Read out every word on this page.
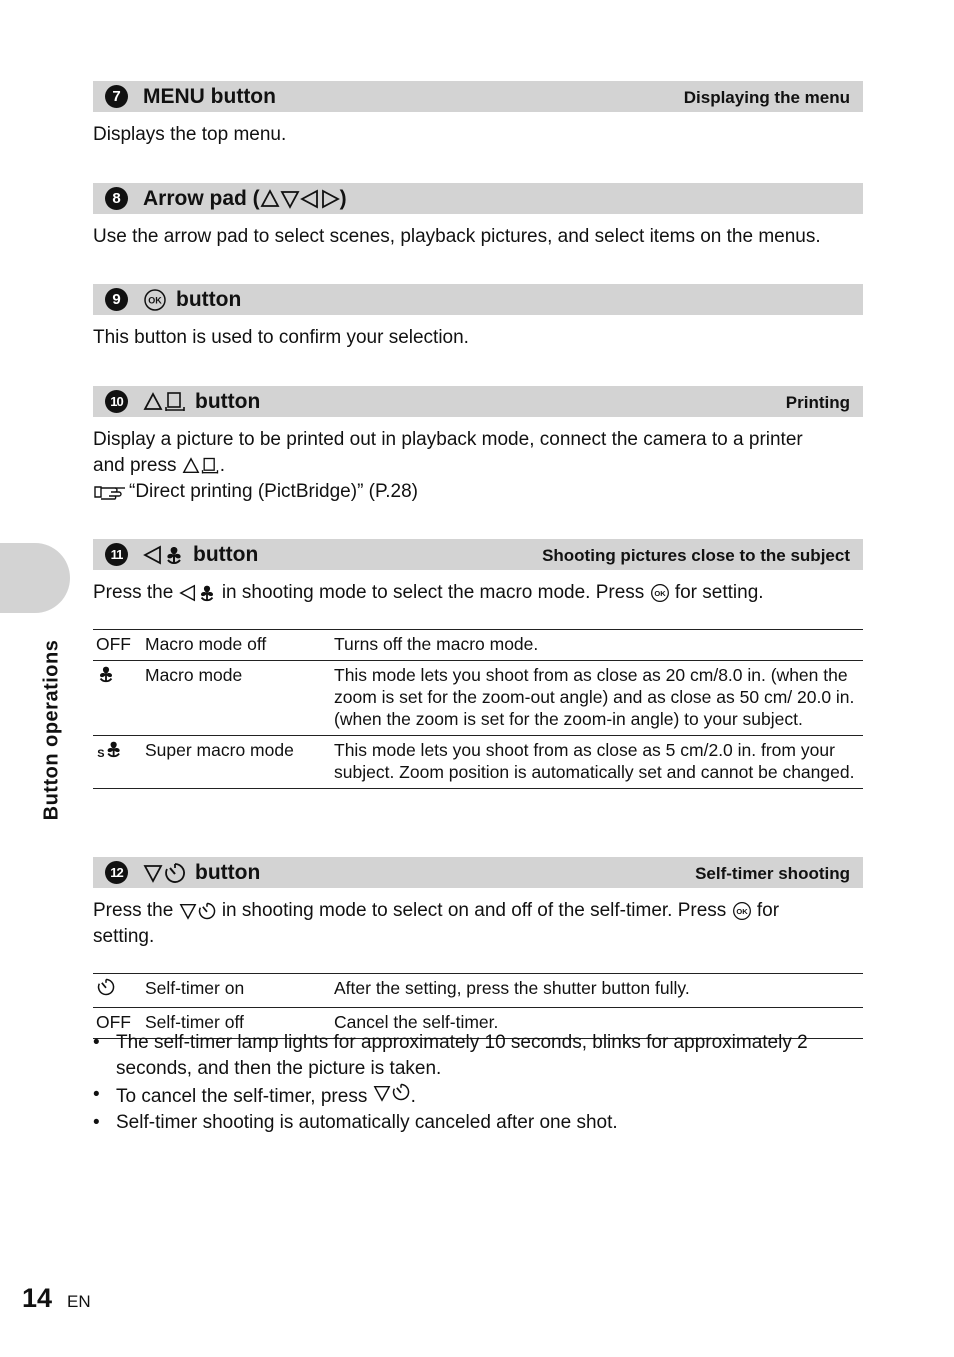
7	MENU button	Displaying the menu
Displays the top menu.
8	Arrow pad (	)
Use the arrow pad to select scenes, playback pictures, and select items on the menus.
9	OK button
This button is used to confirm your selection.
10	button	Printing
Display a picture to be printed out in playback mode, connect the camera to a printer
and press .
“Direct printing (PictBridge)” (P.28)
11	button	Shooting pictures close to the subject
Press the	in shooting mode to select the macro mode. Press OK for setting.
OFF	Macro mode off	Turns off the macro mode.
	Macro mode	This mode lets you shoot from as close as 20 cm/8.0 in. (when the zoom is set for the zoom-out angle) and as close as 50 cm/ 20.0 in. (when the zoom is set for the zoom-in angle) to your subject.

S	Super macro mode	This mode lets you shoot from as close as 5 cm/2.0 in. from your subject. Zoom position is automatically set and cannot be changed.
12	button	Self-timer shooting
Press the	in shooting mode to select on and off of the self-timer. Press OK for
setting.
	Self-timer on	After the setting, press the shutter button fully.
OFF	Self-timer off	Cancel the self-timer.
• The self-timer lamp lights for approximately 10 seconds, blinks for approximately 2 seconds, and then the picture is taken.
• To cancel the self-timer, press .
• Self-timer shooting is automatically canceled after one shot.
Button operations
14 EN
